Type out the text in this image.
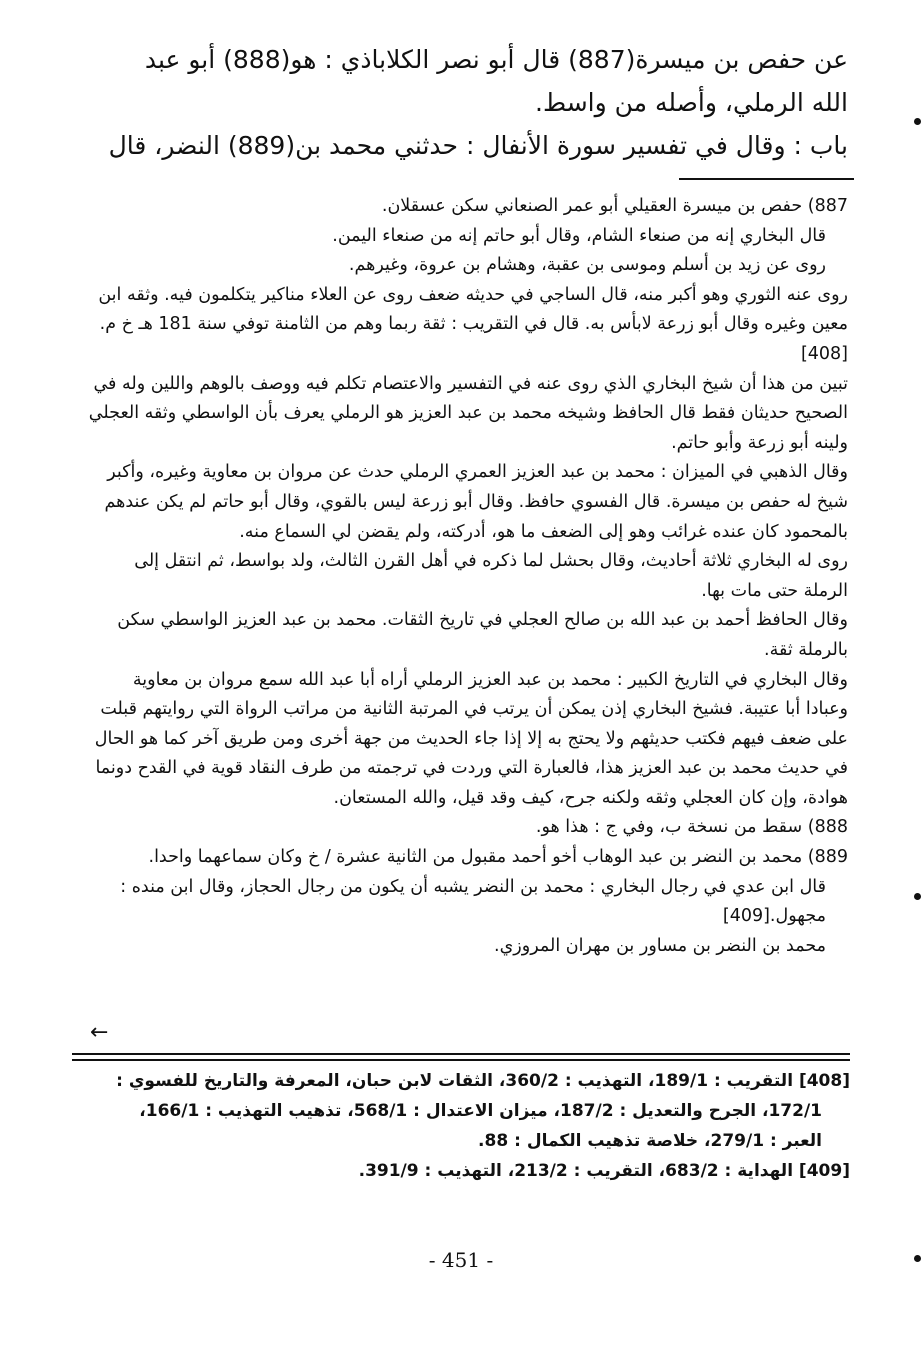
عن حفص بن ميسرة(887) قال أبو نصر الكلاباذي : هو(888) أبو عبد

الله الرملي، وأصله من واسط.

باب : وقال في تفسير سورة الأنفال : حدثني محمد بن(889) النضر، قال

887) حفص بن ميسرة العقيلي أبو عمر الصنعاني سكن عسقلان.
قال البخاري إنه من صنعاء الشام، وقال أبو حاتم إنه من صنعاء اليمن.
روى عن زيد بن أسلم وموسى بن عقبة، وهشام بن عروة، وغيرهم.
روى عنه الثوري وهو أكبر منه، قال الساجي في حديثه ضعف روى عن العلاء مناكير يتكلمون فيه. وثقه ابن معين وغيره وقال أبو زرعة لابأس به. قال في التقريب : ثقة ربما وهم من الثامنة توفي سنة 181 هـ خ م.[408]
تبين من هذا أن شيخ البخاري الذي روى عنه في التفسير والاعتصام تكلم فيه ووصف بالوهم واللين وله في الصحيح حديثان فقط قال الحافظ وشيخه محمد بن عبد العزيز هو الرملي يعرف بأن الواسطي وثقه العجلي ولينه أبو زرعة وأبو حاتم.
وقال الذهبي في الميزان : محمد بن عبد العزيز العمري الرملي حدث عن مروان بن معاوية وغيره، وأكبر شيخ له حفص بن ميسرة. قال الفسوي حافظ. وقال أبو زرعة ليس بالقوي، وقال أبو حاتم لم يكن عندهم بالمحمود كان عنده غرائب وهو إلى الضعف ما هو، أدركته، ولم يقضن لي السماع منه.
روى له البخاري ثلاثة أحاديث، وقال بحشل لما ذكره في أهل القرن الثالث، ولد بواسط، ثم انتقل إلى الرملة حتى مات بها.
وقال الحافظ أحمد بن عبد الله بن صالح العجلي في تاريخ الثقات. محمد بن عبد العزيز الواسطي سكن بالرملة ثقة.
وقال البخاري في التاريخ الكبير : محمد بن عبد العزيز الرملي أراه أبا عبد الله سمع مروان بن معاوية وعبادا أبا عتيبة. فشيخ البخاري إذن يمكن أن يرتب في المرتبة الثانية من مراتب الرواة التي روايتهم قبلت على ضعف فيهم فكتب حديثهم ولا يحتج به إلا إذا جاء الحديث من جهة أخرى ومن طريق آخر كما هو الحال في حديث محمد بن عبد العزيز هذا، فالعبارة التي وردت في ترجمته من طرف النقاد قوية في القدح دونما هوادة، وإن كان العجلي وثقه ولكنه جرح، كيف وقد قيل، والله المستعان.
888) سقط من نسخة ب، وفي ج : هذا هو.
889) محمد بن النضر بن عبد الوهاب أخو أحمد مقبول من الثانية عشرة / خ وكان سماعهما واحدا.
قال ابن عدي في رجال البخاري : محمد بن النضر يشبه أن يكون من رجال الحجاز، وقال ابن منده : مجهول.[409]
محمد بن النضر بن مساور بن مهران المروزي.
←
[408] التقريب : 189/1، التهذيب : 360/2، الثقات لابن حبان، المعرفة والتاريخ للفسوي :
172/1، الجرح والتعديل : 187/2، ميزان الاعتدال : 568/1، تذهيب التهذيب : 166/1،
العبر : 279/1، خلاصة تذهيب الكمال : 88.
[409] الهداية : 683/2، التقريب : 213/2، التهذيب : 391/9.
- 451 -
